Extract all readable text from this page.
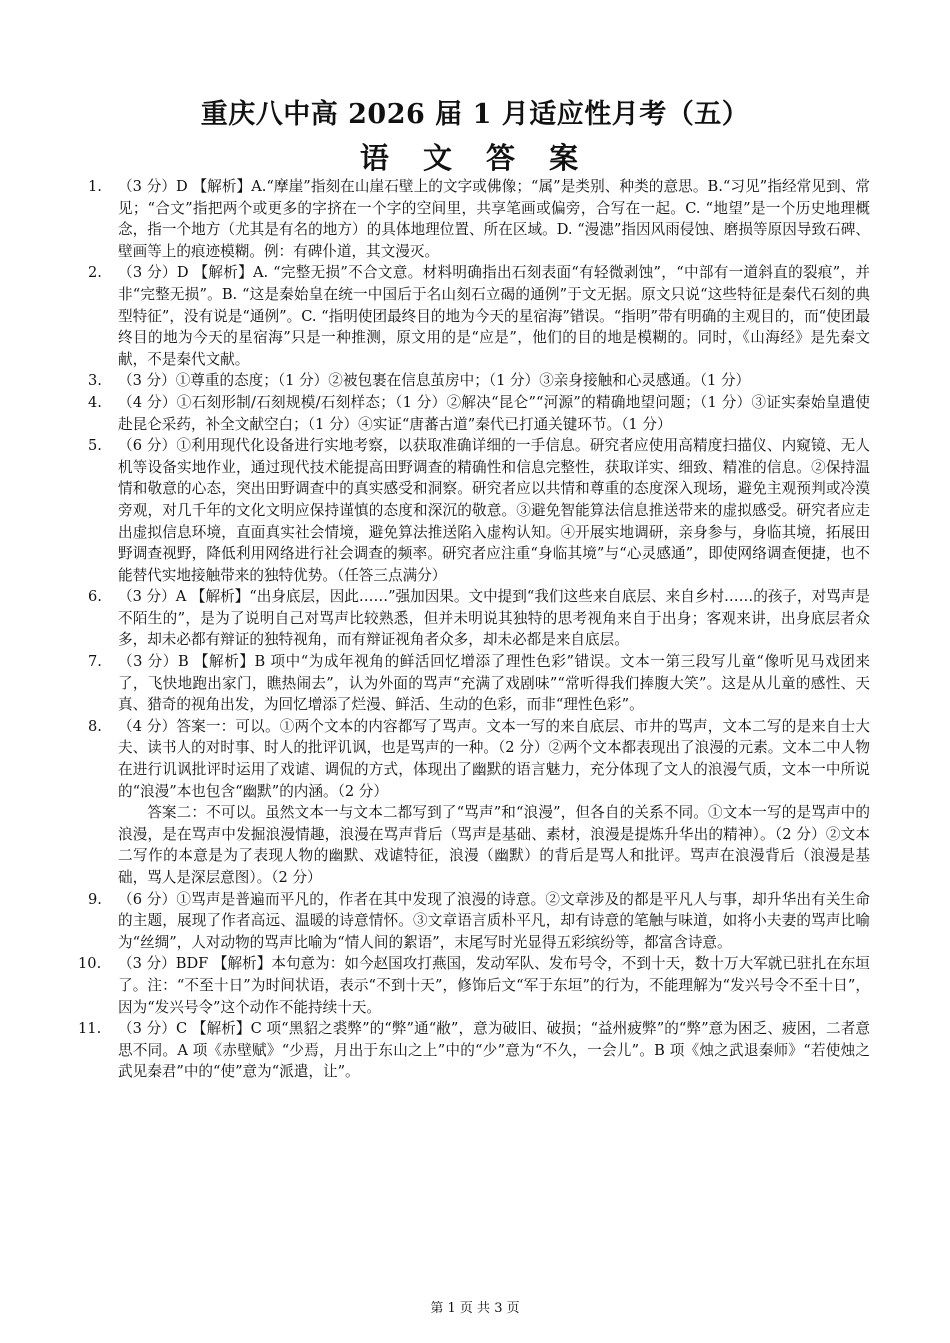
重庆八中高 2026 届 1 月适应性月考（五）
语 文 答 案
1. （3 分）D 【解析】A.“摩崖”指刻在山崖石壁上的文字或佛像；“属”是类别、种类的意思。B.“习见”指经常见到、常见；“合文”指把两个或更多的字挤在一个字的空间里，共享笔画或偏旁，合写在一起。C. “地望”是一个历史地理概念，指一个地方（尤其是有名的地方）的具体地理位置、所在区域。D. “漫漶”指因风雨侵蚀、磨损等原因导致石碑、壁画等上的痕迹模糊。例：有碑仆道，其文漫灭。
2. （3 分）D 【解析】A. “完整无损”不合文意。材料明确指出石刻表面“有轻微剥蚀”，“中部有一道斜直的裂痕”，并非“完整无损”。B. “这是秦始皇在统一中国后于名山刻石立碣的通例”于文无据。原文只说“这些特征是秦代石刻的典型特征”，没有说是“通例”。C. “指明使团最终目的地为今天的星宿海”错误。“指明”带有明确的主观目的，而“使团最终目的地为今天的星宿海”只是一种推测，原文用的是“应是”，他们的目的地是模糊的。同时，《山海经》是先秦文献，不是秦代文献。
3. （3 分）①尊重的态度；（1 分）②被包裹在信息茧房中；（1 分）③亲身接触和心灵感通。（1 分）
4. （4 分）①石刻形制/石刻规模/石刻样态；（1 分）②解决“昆仑”“河源”的精确地望问题；（1 分）③证实秦始皇遣使赴昆仑采药，补全文献空白；（1 分）④实证“唐蕃古道”秦代已打通关键环节。（1 分）
5. （6 分）①利用现代化设备进行实地考察，以获取准确详细的一手信息。研究者应使用高精度扫描仪、内窥镜、无人机等设备实地作业，通过现代技术能提高田野调查的精确性和信息完整性，获取详实、细致、精准的信息。②保持温情和敬意的心态，突出田野调查中的真实感受和洞察。研究者应以共情和尊重的态度深入现场，避免主观预判或冷漠旁观，对几千年的文化文明应保持谨慎的态度和深沉的敬意。③避免智能算法信息推送带来的虚拟感受。研究者应走出虚拟信息环境，直面真实社会情境，避免算法推送陷入虚构认知。④开展实地调研，亲身参与，身临其境，拓展田野调查视野，降低利用网络进行社会调查的频率。研究者应注重“身临其境”与“心灵感通”，即使网络调查便捷，也不能替代实地接触带来的独特优势。（任答三点满分）
6. （3 分）A 【解析】“出身底层，因此……”强加因果。文中提到“我们这些来自底层、来自乡村……的孩子，对骂声是不陌生的”，是为了说明自己对骂声比较熟悉，但并未明说其独特的思考视角来自于出身；客观来讲，出身底层者众多，却未必都有辩证的独特视角，而有辩证视角者众多，却未必都是来自底层。
7. （3 分）B 【解析】B 项中“为成年视角的鲜活回忆增添了理性色彩”错误。文本一第三段写儿童“像听见马戏团来了，飞快地跑出家门，瞧热闹去”，认为外面的骂声“充满了戏剧味”“常听得我们捧腹大笑”。这是从儿童的感性、天真、猎奇的视角出发，为回忆增添了烂漫、鲜活、生动的色彩，而非“理性色彩”。
8. （4 分）答案一：可以。①两个文本的内容都写了骂声。文本一写的来自底层、市井的骂声，文本二写的是来自士大夫、读书人的对时事、时人的批评讥讽，也是骂声的一种。（2 分）②两个文本都表现出了浪漫的元素。文本二中人物在进行讥讽批评时运用了戏谑、调侃的方式，体现出了幽默的语言魅力，充分体现了文人的浪漫气质，文本一中所说的“浪漫”本也包含“幽默”的内涵。（2 分）

答案二：不可以。虽然文本一与文本二都写到了“骂声”和“浪漫”，但各自的关系不同。①文本一写的是骂声中的浪漫，是在骂声中发掘浪漫情趣，浪漫在骂声背后（骂声是基础、素材，浪漫是提炼升华出的精神）。（2 分）②文本二写作的本意是为了表现人物的幽默、戏谑特征，浪漫（幽默）的背后是骂人和批评。骂声在浪漫背后（浪漫是基础，骂人是深层意图）。（2 分）

9. （6 分）①骂声是普遍而平凡的，作者在其中发现了浪漫的诗意。②文章涉及的都是平凡人与事，却升华出有关生命的主题，展现了作者高远、温暖的诗意情怀。③文章语言质朴平凡，却有诗意的笔触与味道，如将小夫妻的骂声比喻为“丝绸”，人对动物的骂声比喻为“情人间的絮语”，末尾写时光显得五彩缤纷等，都富含诗意。
10. （3 分）BDF 【解析】本句意为：如今赵国攻打燕国，发动军队、发布号令，不到十天，数十万大军就已驻扎在东垣了。注：“不至十日”为时间状语，表示“不到十天”，修饰后文“军于东垣”的行为，不能理解为“发兴号令不至十日”，因为“发兴号令”这个动作不能持续十天。
11. （3 分）C 【解析】C 项“黑貂之裘弊”的“弊”通“敝”，意为破旧、破损；“益州疲弊”的“弊”意为困乏、疲困，二者意思不同。A 项《赤壁赋》“少焉，月出于东山之上”中的“少”意为“不久，一会儿”。B 项《烛之武退秦师》“若使烛之武见秦君”中的“使”意为“派遣，让”。
第 1 页 共 3 页
